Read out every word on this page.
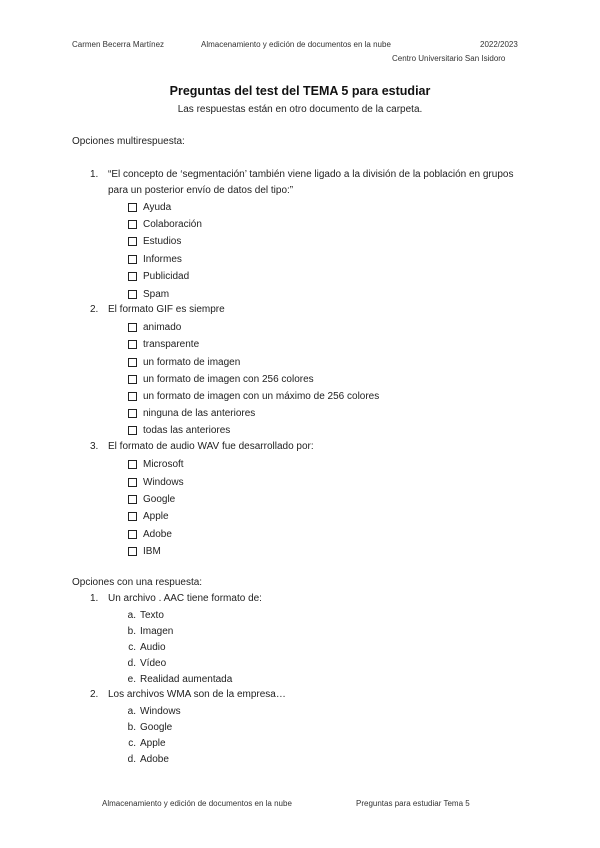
Carmen Becerra Martínez	Almacenamiento y edición de documentos en la nube	2022/2023
Centro Universitario San Isidoro
Preguntas del test del TEMA 5 para estudiar
Las respuestas están en otro documento de la carpeta.
Opciones multirespuesta:
1. “El concepto de ‘segmentación’ también viene ligado a la división de la población en grupos para un posterior envío de datos del tipo:”
Ayuda
Colaboración
Estudios
Informes
Publicidad
Spam
2. El formato GIF es siempre
animado
transparente
un formato de imagen
un formato de imagen con 256 colores
un formato de imagen con un máximo de 256 colores
ninguna de las anteriores
todas las anteriores
3. El formato de audio WAV fue desarrollado por:
Microsoft
Windows
Google
Apple
Adobe
IBM
Opciones con una respuesta:
1. Un archivo . AAC tiene formato de:
a. Texto
b. Imagen
c. Audio
d. Vídeo
e. Realidad aumentada
2. Los archivos WMA son de la empresa…
a. Windows
b. Google
c. Apple
d. Adobe
Almacenamiento y edición de documentos en la nube	Preguntas para estudiar Tema 5
